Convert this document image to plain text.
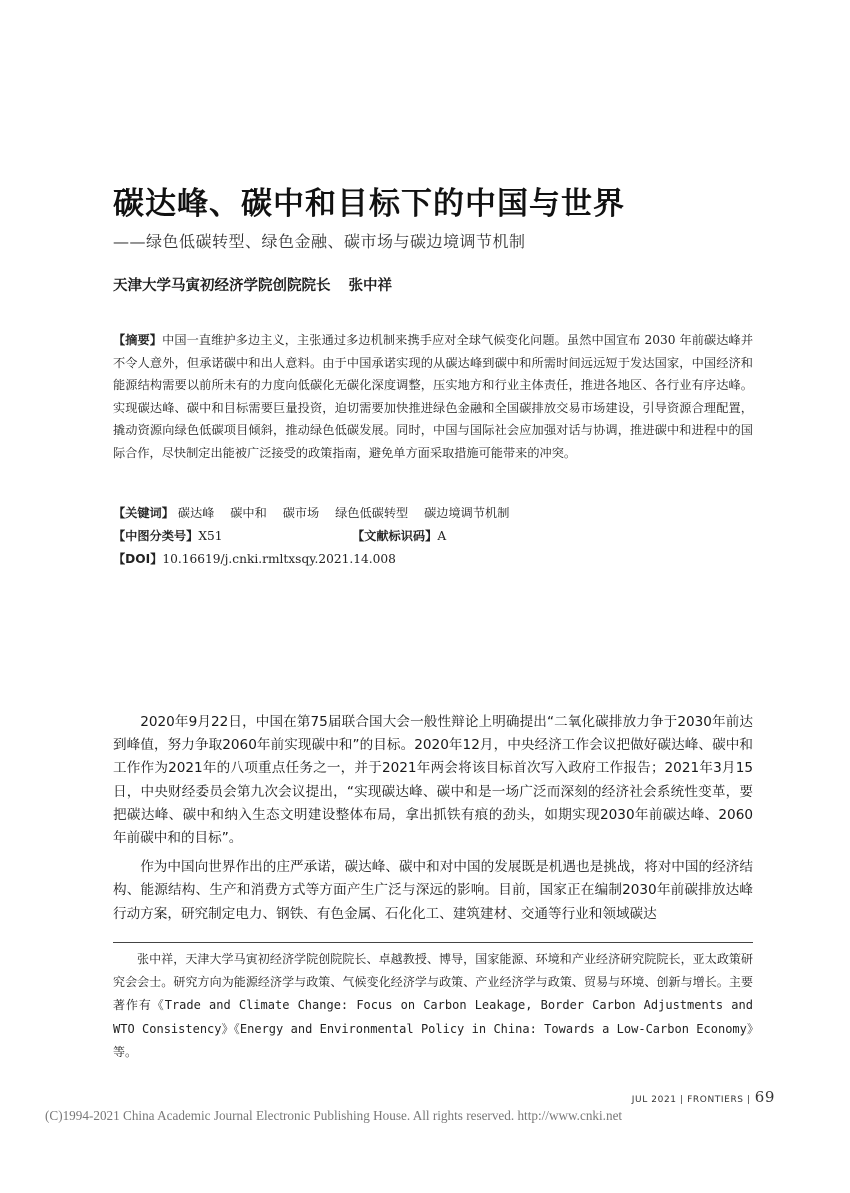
碳达峰、碳中和目标下的中国与世界
——绿色低碳转型、绿色金融、碳市场与碳边境调节机制
天津大学马寅初经济学院创院院长 张中祥
【摘要】中国一直维护多边主义，主张通过多边机制来携手应对全球气候变化问题。虽然中国宣布 2030 年前碳达峰并不令人意外，但承诺碳中和出人意料。由于中国承诺实现的从碳达峰到碳中和所需时间远远短于发达国家，中国经济和能源结构需要以前所未有的力度向低碳化无碳化深度调整，压实地方和行业主体责任，推进各地区、各行业有序达峰。实现碳达峰、碳中和目标需要巨量投资，迫切需要加快推进绿色金融和全国碳排放交易市场建设，引导资源合理配置，撬动资源向绿色低碳项目倾斜，推动绿色低碳发展。同时，中国与国际社会应加强对话与协调，推进碳中和进程中的国际合作，尽快制定出能被广泛接受的政策指南，避免单方面采取措施可能带来的冲突。
【关键词】 碳达峰 碳中和 碳市场 绿色低碳转型 碳边境调节机制
【中图分类号】X51	【文献标识码】A
【DOI】10.16619/j.cnki.rmltxsqy.2021.14.008

2020年9月22日，中国在第75届联合国大会一般性辩论上明确提出“二氧化碳排放力争于2030年前达到峰值，努力争取2060年前实现碳中和”的目标。2020年12月，中央经济工作会议把做好碳达峰、碳中和工作作为2021年的八项重点任务之一，并于2021年两会将该目标首次写入政府工作报告；2021年3月15日，中央财经委员会第九次会议提出，“实现碳达峰、碳中和是一场广泛而深刻的经济社会系统性变革，要把碳达峰、碳中和纳入生态文明建设整体布局，拿出抓铁有痕的劲头，如期实现2030年前碳达峰、2060年前碳中和的目标”。

作为中国向世界作出的庄严承诺，碳达峰、碳中和对中国的发展既是机遇也是挑战，将对中国的经济结构、能源结构、生产和消费方式等方面产生广泛与深远的影响。目前，国家正在编制2030年前碳排放达峰行动方案，研究制定电力、钢铁、有色金属、石化化工、建筑建材、交通等行业和领域碳达

张中祥，天津大学马寅初经济学院创院院长、卓越教授、博导，国家能源、环境和产业经济研究院院长，亚太政策研究会会士。研究方向为能源经济学与政策、气候变化经济学与政策、产业经济学与政策、贸易与环境、创新与增长。主要著作有《Trade and Climate Change: Focus on Carbon Leakage, Border Carbon Adjustments and WTO Consistency》《Energy and Environmental Policy in China: Towards a Low-Carbon Economy》等。
JUL 2021 | FRONTIERS | 69
(C)1994-2021 China Academic Journal Electronic Publishing House. All rights reserved. http://www.cnki.net
